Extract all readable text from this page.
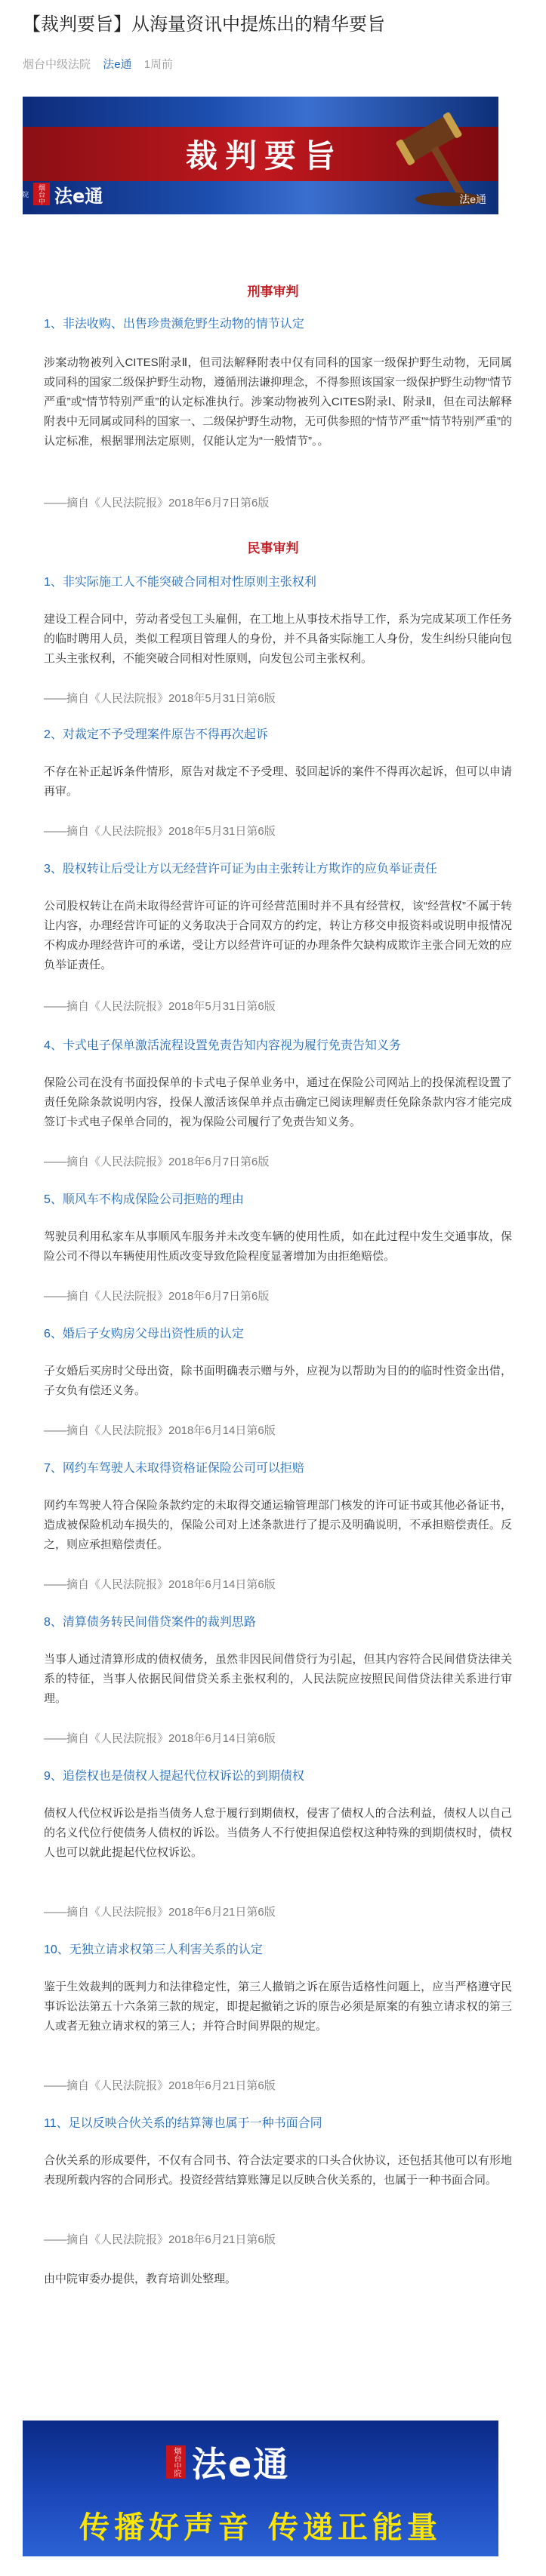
【裁判要旨】从海量资讯中提炼出的精华要旨
烟台中级法院 法e通 1周前
裁判要旨
烟台中院	法e通	法e通
刑事审判
1、非法收购、出售珍贵濒危野生动物的情节认定

涉案动物被列入CITES附录Ⅱ，但司法解释附表中仅有同科的国家一级保护野生动物，无同属或同科的国家二级保护野生动物，遵循刑法谦抑理念，不得参照该国家一级保护野生动物“情节严重”或“情节特别严重”的认定标准执行。涉案动物被列入CITES附录Ⅰ、附录Ⅱ，但在司法解释附表中无同属或同科的国家一、二级保护野生动物，无可供参照的“情节严重”“情节特别严重”的认定标准，根据罪刑法定原则，仅能认定为“一般情节”。。

——摘自《人民法院报》2018年6月7日第6版
民事审判
1、非实际施工人不能突破合同相对性原则主张权利

建设工程合同中，劳动者受包工头雇佣，在工地上从事技术指导工作，系为完成某项工作任务的临时聘用人员，类似工程项目管理人的身份，并不具备实际施工人身份，发生纠纷只能向包工头主张权利，不能突破合同相对性原则，向发包公司主张权利。

——摘自《人民法院报》2018年5月31日第6版
2、对裁定不予受理案件原告不得再次起诉

不存在补正起诉条件情形，原告对裁定不予受理、驳回起诉的案件不得再次起诉，但可以申请再审。

——摘自《人民法院报》2018年5月31日第6版
3、股权转让后受让方以无经营许可证为由主张转让方欺诈的应负举证责任

公司股权转让在尚未取得经营许可证的许可经营范围时并不具有经营权，该“经营权”不属于转让内容，办理经营许可证的义务取决于合同双方的约定，转让方移交申报资料或说明申报情况不构成办理经营许可的承诺，受让方以经营许可证的办理条件欠缺构成欺诈主张合同无效的应负举证责任。

——摘自《人民法院报》2018年5月31日第6版
4、卡式电子保单激活流程设置免责告知内容视为履行免责告知义务

保险公司在没有书面投保单的卡式电子保单业务中，通过在保险公司网站上的投保流程设置了责任免除条款说明内容，投保人激活该保单并点击确定已阅读理解责任免除条款内容才能完成签订卡式电子保单合同的，视为保险公司履行了免责告知义务。

——摘自《人民法院报》2018年6月7日第6版
5、顺风车不构成保险公司拒赔的理由

驾驶员利用私家车从事顺风车服务并未改变车辆的使用性质，如在此过程中发生交通事故，保险公司不得以车辆使用性质改变导致危险程度显著增加为由拒绝赔偿。

——摘自《人民法院报》2018年6月7日第6版
6、婚后子女购房父母出资性质的认定

子女婚后买房时父母出资，除书面明确表示赠与外，应视为以帮助为目的的临时性资金出借，子女负有偿还义务。

——摘自《人民法院报》2018年6月14日第6版
7、网约车驾驶人未取得资格证保险公司可以拒赔

网约车驾驶人符合保险条款约定的未取得交通运输管理部门核发的许可证书或其他必备证书，造成被保险机动车损失的，保险公司对上述条款进行了提示及明确说明，不承担赔偿责任。反之，则应承担赔偿责任。

——摘自《人民法院报》2018年6月14日第6版
8、清算债务转民间借贷案件的裁判思路

当事人通过清算形成的债权债务，虽然非因民间借贷行为引起，但其内容符合民间借贷法律关系的特征，当事人依据民间借贷关系主张权利的，人民法院应按照民间借贷法律关系进行审理。

——摘自《人民法院报》2018年6月14日第6版
9、追偿权也是债权人提起代位权诉讼的到期债权

债权人代位权诉讼是指当债务人怠于履行到期债权，侵害了债权人的合法利益，债权人以自己的名义代位行使债务人债权的诉讼。当债务人不行使担保追偿权这种特殊的到期债权时，债权人也可以就此提起代位权诉讼。

——摘自《人民法院报》2018年6月21日第6版
10、无独立请求权第三人利害关系的认定

鉴于生效裁判的既判力和法律稳定性，第三人撤销之诉在原告适格性问题上，应当严格遵守民事诉讼法第五十六条第三款的规定，即提起撤销之诉的原告必须是原案的有独立请求权的第三人或者无独立请求权的第三人；并符合时间界限的规定。

——摘自《人民法院报》2018年6月21日第6版
11、足以反映合伙关系的结算簿也属于一种书面合同

合伙关系的形成要件，不仅有合同书、符合法定要求的口头合伙协议，还包括其他可以有形地表现所载内容的合同形式。投资经营结算账簿足以反映合伙关系的，也属于一种书面合同。

——摘自《人民法院报》2018年6月21日第6版
由中院审委办提供，教育培训处整理。
烟台中院 法e通
传播好声音 传递正能量
